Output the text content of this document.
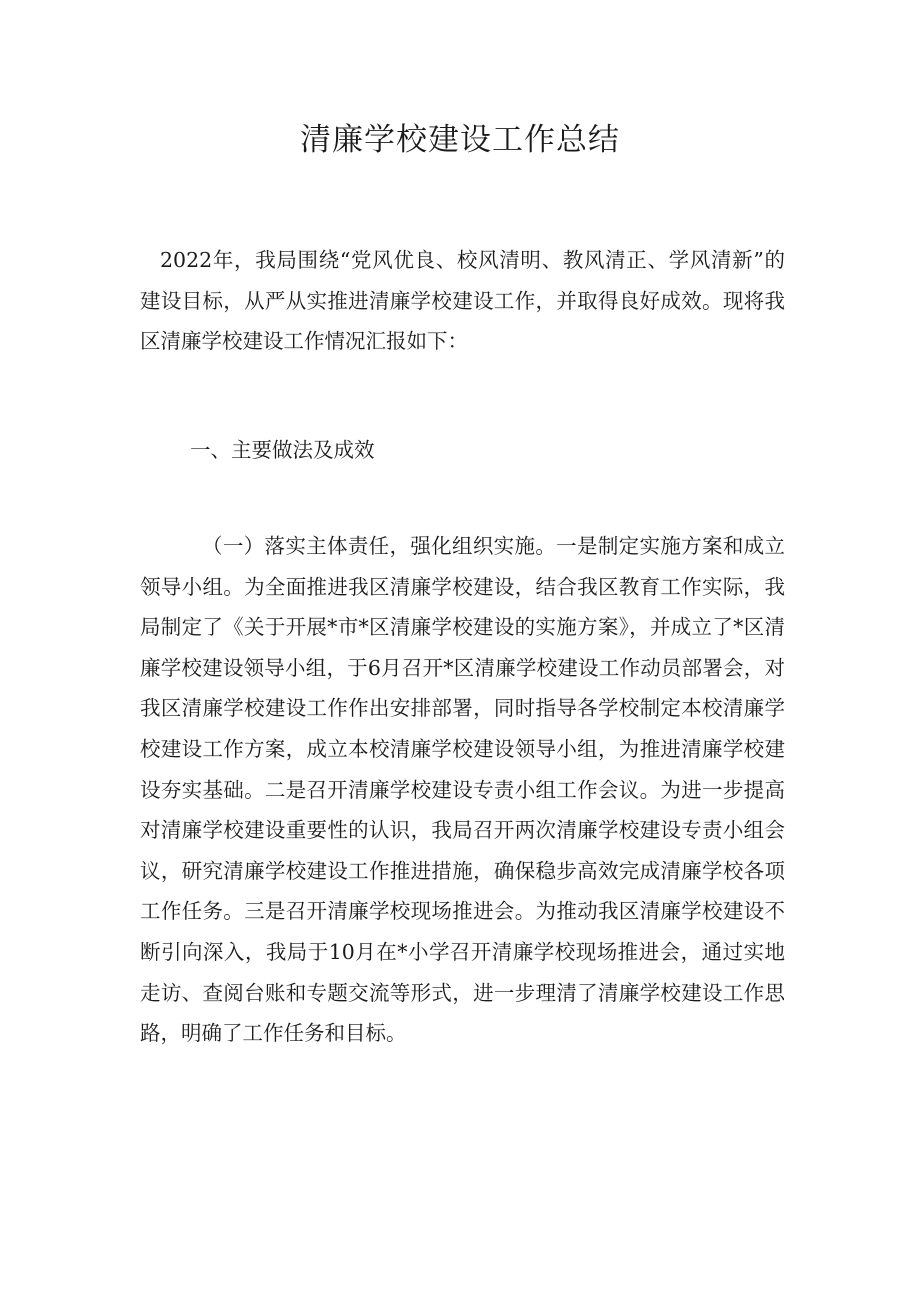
清廉学校建设工作总结

2022年，我局围绕“党风优良、校风清明、教风清正、学风清新”的建设目标，从严从实推进清廉学校建设工作，并取得良好成效。现将我区清廉学校建设工作情况汇报如下：

一、主要做法及成效

（一）落实主体责任，强化组织实施。一是制定实施方案和成立领导小组。为全面推进我区清廉学校建设，结合我区教育工作实际，我局制定了《关于开展*市*区清廉学校建设的实施方案》，并成立了*区清廉学校建设领导小组，于6月召开*区清廉学校建设工作动员部署会，对我区清廉学校建设工作作出安排部署，同时指导各学校制定本校清廉学校建设工作方案，成立本校清廉学校建设领导小组，为推进清廉学校建设夯实基础。二是召开清廉学校建设专责小组工作会议。为进一步提高对清廉学校建设重要性的认识，我局召开两次清廉学校建设专责小组会议，研究清廉学校建设工作推进措施，确保稳步高效完成清廉学校各项工作任务。三是召开清廉学校现场推进会。为推动我区清廉学校建设不断引向深入，我局于10月在*小学召开清廉学校现场推进会，通过实地走访、查阅台账和专题交流等形式，进一步理清了清廉学校建设工作思路，明确了工作任务和目标。
